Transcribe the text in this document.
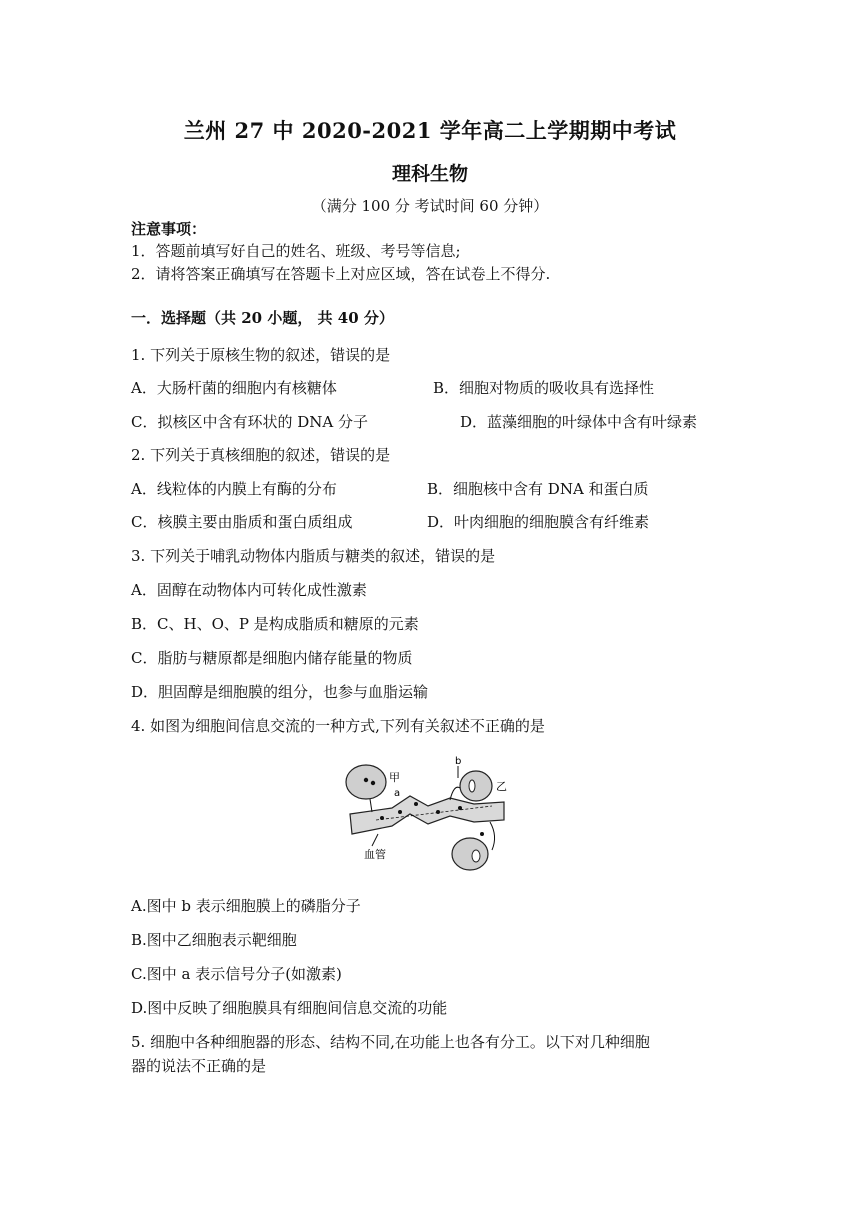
兰州 27 中 2020-2021 学年高二上学期期中考试
理科生物
（满分 100 分 考试时间 60 分钟）
注意事项：
1．答题前填写好自己的姓名、班级、考号等信息;
2．请将答案正确填写在答题卡上对应区域，答在试卷上不得分.
一．选择题（共 20 小题， 共 40 分）
1. 下列关于原核生物的叙述，错误的是
A．大肠杆菌的细胞内有核糖体	B．细胞对物质的吸收具有选择性
C．拟核区中含有环状的 DNA 分子	D．蓝藻细胞的叶绿体中含有叶绿素
2. 下列关于真核细胞的叙述，错误的是
A．线粒体的内膜上有酶的分布	B．细胞核中含有 DNA 和蛋白质
C．核膜主要由脂质和蛋白质组成	D．叶肉细胞的细胞膜含有纤维素
3. 下列关于哺乳动物体内脂质与糖类的叙述，错误的是
A．固醇在动物体内可转化成性激素
B．C、H、O、P 是构成脂质和糖原的元素
C．脂肪与糖原都是细胞内储存能量的物质
D．胆固醇是细胞膜的组分，也参与血脂运输
4. 如图为细胞间信息交流的一种方式,下列有关叙述不正确的是
甲
a
乙
b
血管
A.图中 b 表示细胞膜上的磷脂分子
B.图中乙细胞表示靶细胞
C.图中 a 表示信号分子(如激素)
D.图中反映了细胞膜具有细胞间信息交流的功能
5. 细胞中各种细胞器的形态、结构不同,在功能上也各有分工。以下对几种细胞
器的说法不正确的是
